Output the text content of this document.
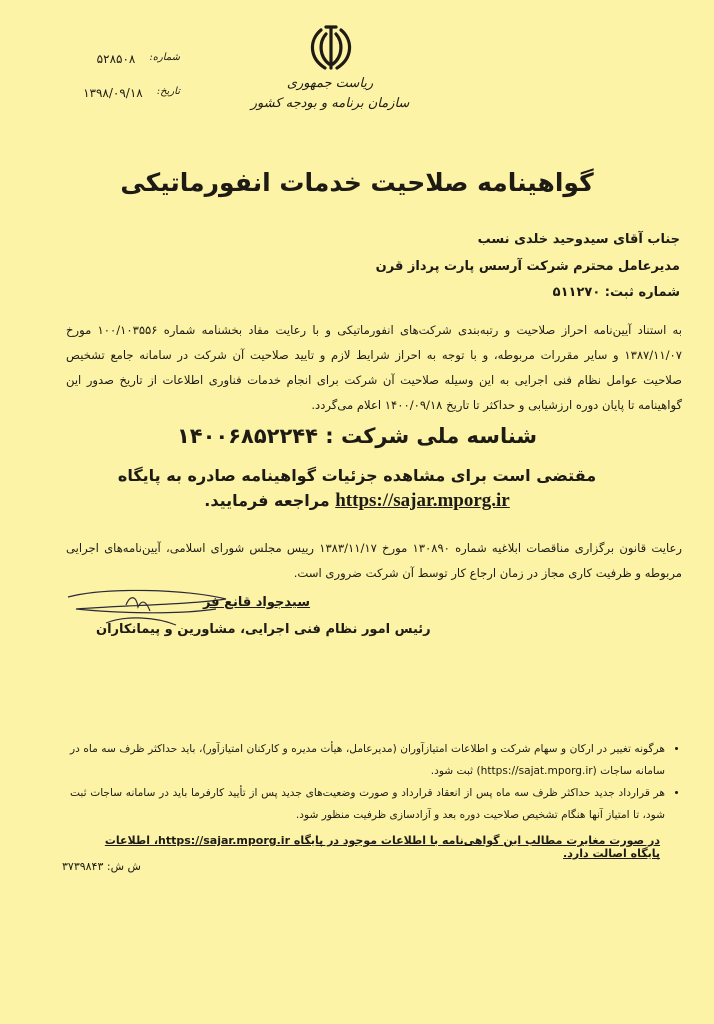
شماره:
۵۲۸۵۰۸
تاریخ:
۱۳۹۸/۰۹/۱۸
ریاست جمهوری
سازمان برنامه و بودجه کشور
گواهینامه صلاحیت خدمات انفورماتیکی
جناب آقای سیدوحید خلدی نسب
مدیرعامل محترم شرکت آرسس پارت پرداز قرن
شماره ثبت: ۵۱۱۲۷۰
به استناد آیین‌نامه احراز صلاحیت و رتبه‌بندی شرکت‌های انفورماتیکی و با رعایت مفاد بخشنامه شماره ۱۰۰/۱۰۳۵۵۶ مورخ ۱۳۸۷/۱۱/۰۷ و سایر مقررات مربوطه، و با توجه به احراز شرایط لازم و تایید صلاحیت آن شرکت در سامانه جامع تشخیص صلاحیت عوامل نظام فنی اجرایی به این وسیله صلاحیت آن شرکت برای انجام خدمات فناوری اطلاعات از تاریخ صدور این گواهینامه تا پایان دوره ارزشیابی و حداکثر تا تاریخ ۱۴۰۰/۰۹/۱۸ اعلام می‌گردد.
شناسه ملی شرکت : ۱۴۰۰۶۸۵۲۲۴۴
مقتضی است برای مشاهده جزئیات گواهینامه صادره به پایگاه
https://sajar.mporg.ir مراجعه فرمایید.
رعایت قانون برگزاری مناقصات ابلاغیه شماره ۱۳۰۸۹۰ مورخ ۱۳۸۳/۱۱/۱۷ رییس مجلس شورای اسلامی، آیین‌نامه‌های اجرایی مربوطه و ظرفیت کاری مجاز در زمان ارجاع کار توسط آن شرکت ضروری است.
سیدجواد قانع فر
رئیس امور نظام فنی اجرایی، مشاورین و پیمانکاران
• هرگونه تغییر در ارکان و سهام شرکت و اطلاعات امتیازآوران (مدیرعامل، هیأت مدیره و کارکنان امتیازآور)، باید حداکثر ظرف سه ماه در سامانه ساجات (https://sajat.mporg.ir) ثبت شود.
• هر قرارداد جدید حداکثر ظرف سه ماه پس از انعقاد قرارداد و صورت وضعیت‌های جدید پس از تأیید کارفرما باید در سامانه ساجات ثبت شود، تا امتیاز آنها هنگام تشخیص صلاحیت دوره بعد و آزادسازی ظرفیت منظور شود.
در صورت مغایرت مطالب این گواهی‌نامه با اطلاعات موجود در پایگاه https://sajar.mporg.ir، اطلاعات پایگاه اصالت دارد.
ش ش: ۳۷۳۹۸۴۳
